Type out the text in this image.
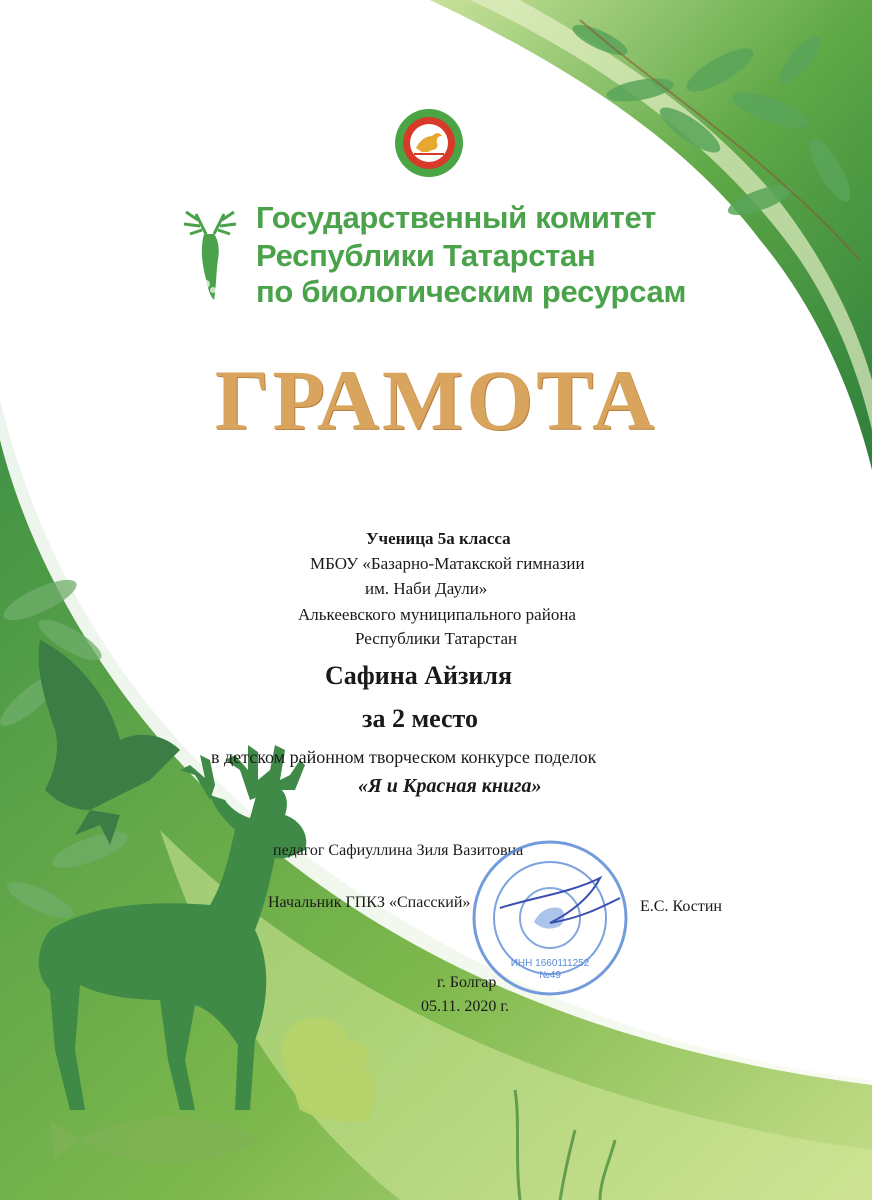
Государственный комитет
Республики Татарстан
по биологическим ресурсам
ГРАМОТА
Ученица 5а класса
МБОУ «Базарно-Матакской гимназии
им. Наби Даули»
Алькеевского муниципального района
Республики Татарстан
Сафина Айзиля
за 2 место
в детском районном творческом конкурсе поделок
«Я и Красная книга»
педагог Сафиуллина Зиля Вазитовна
Начальник ГПКЗ «Спасский»	Е.С. Костин
ИНН 1660111252
№49
г. Болгар
05.11. 2020 г.
